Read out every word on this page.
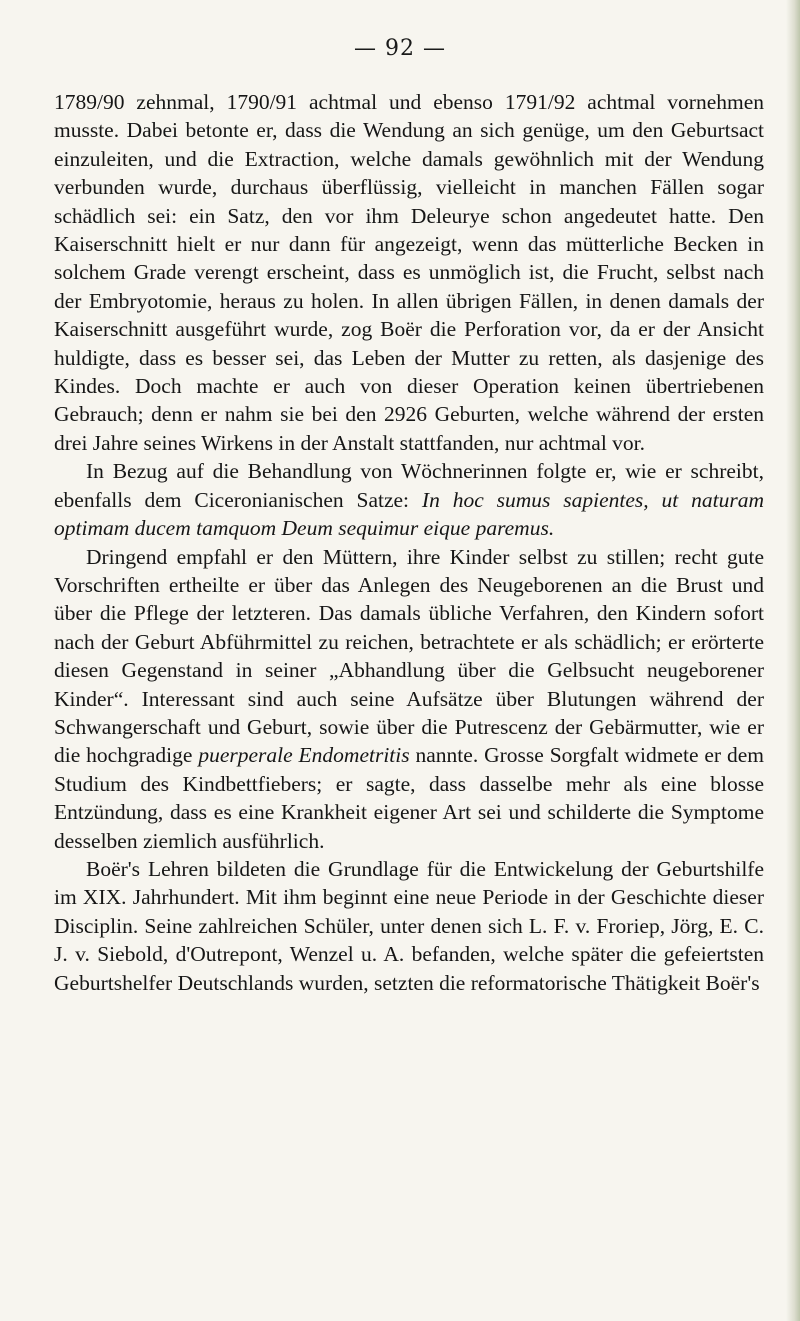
— 92 —

1789/90 zehnmal, 1790/91 achtmal und ebenso 1791/92 achtmal vornehmen musste. Dabei betonte er, dass die Wendung an sich genüge, um den Geburtsact einzuleiten, und die Extraction, welche damals gewöhnlich mit der Wendung verbunden wurde, durchaus überflüssig, vielleicht in manchen Fällen sogar schädlich sei: ein Satz, den vor ihm Deleurye schon angedeutet hatte. Den Kaiserschnitt hielt er nur dann für angezeigt, wenn das mütterliche Becken in solchem Grade verengt erscheint, dass es unmöglich ist, die Frucht, selbst nach der Embryotomie, heraus zu holen. In allen übrigen Fällen, in denen damals der Kaiserschnitt ausgeführt wurde, zog Boër die Perforation vor, da er der Ansicht huldigte, dass es besser sei, das Leben der Mutter zu retten, als dasjenige des Kindes. Doch machte er auch von dieser Operation keinen übertriebenen Gebrauch; denn er nahm sie bei den 2926 Geburten, welche während der ersten drei Jahre seines Wirkens in der Anstalt stattfanden, nur achtmal vor.

In Bezug auf die Behandlung von Wöchnerinnen folgte er, wie er schreibt, ebenfalls dem Ciceronianischen Satze: In hoc sumus sapientes, ut naturam optimam ducem tamquom Deum sequimur eique paremus.

Dringend empfahl er den Müttern, ihre Kinder selbst zu stillen; recht gute Vorschriften ertheilte er über das Anlegen des Neugeborenen an die Brust und über die Pflege der letzteren. Das damals übliche Verfahren, den Kindern sofort nach der Geburt Abführmittel zu reichen, betrachtete er als schädlich; er erörterte diesen Gegenstand in seiner „Abhandlung über die Gelbsucht neugeborener Kinder“. Interessant sind auch seine Aufsätze über Blutungen während der Schwangerschaft und Geburt, sowie über die Putrescenz der Gebärmutter, wie er die hochgradige puerperale Endometritis nannte. Grosse Sorgfalt widmete er dem Studium des Kindbettfiebers; er sagte, dass dasselbe mehr als eine blosse Entzündung, dass es eine Krankheit eigener Art sei und schilderte die Symptome desselben ziemlich ausführlich.

Boër's Lehren bildeten die Grundlage für die Entwickelung der Geburtshilfe im XIX. Jahrhundert. Mit ihm beginnt eine neue Periode in der Geschichte dieser Disciplin. Seine zahlreichen Schüler, unter denen sich L. F. v. Froriep, Jörg, E. C. J. v. Siebold, d'Outrepont, Wenzel u. A. befanden, welche später die gefeiertsten Geburtshelfer Deutschlands wurden, setzten die reformatorische Thätigkeit Boër's
